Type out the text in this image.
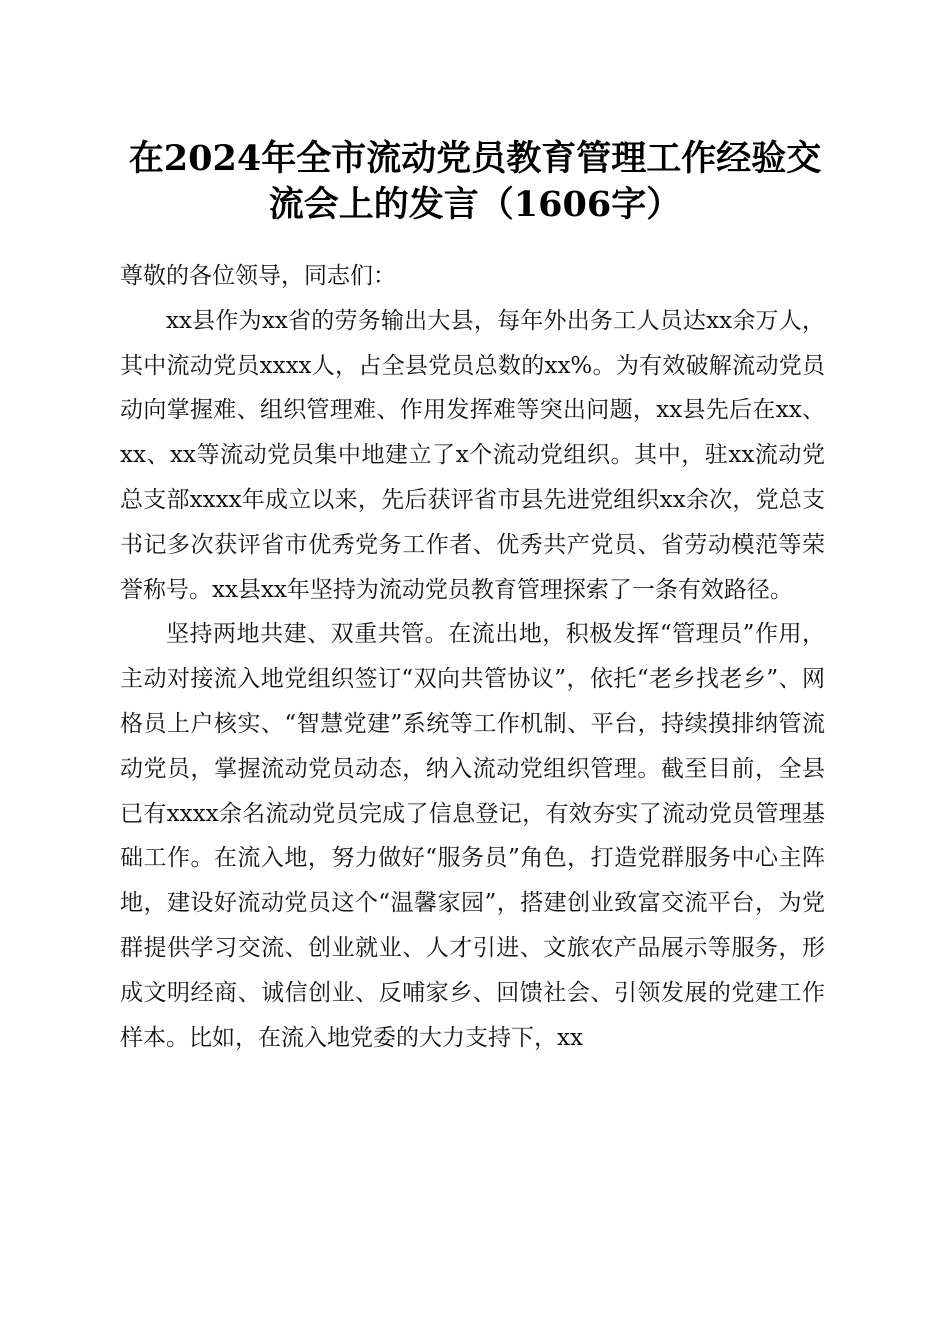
在2024年全市流动党员教育管理工作经验交
流会上的发言（1606字）

尊敬的各位领导，同志们：

xx县作为xx省的劳务输出大县，每年外出务工人员达xx余万人，其中流动党员xxxx人，占全县党员总数的xx%。为有效破解流动党员动向掌握难、组织管理难、作用发挥难等突出问题，xx县先后在xx、xx、xx等流动党员集中地建立了x个流动党组织。其中，驻xx流动党总支部xxxx年成立以来，先后获评省市县先进党组织xx余次，党总支书记多次获评省市优秀党务工作者、优秀共产党员、省劳动模范等荣誉称号。xx县xx年坚持为流动党员教育管理探索了一条有效路径。

坚持两地共建、双重共管。在流出地，积极发挥“管理员”作用，主动对接流入地党组织签订“双向共管协议”，依托“老乡找老乡”、网格员上户核实、“智慧党建”系统等工作机制、平台，持续摸排纳管流动党员，掌握流动党员动态，纳入流动党组织管理。截至目前，全县已有xxxx余名流动党员完成了信息登记，有效夯实了流动党员管理基础工作。在流入地，努力做好“服务员”角色，打造党群服务中心主阵地，建设好流动党员这个“温馨家园”，搭建创业致富交流平台，为党群提供学习交流、创业就业、人才引进、文旅农产品展示等服务，形成文明经商、诚信创业、反哺家乡、回馈社会、引领发展的党建工作样本。比如，在流入地党委的大力支持下，xx
